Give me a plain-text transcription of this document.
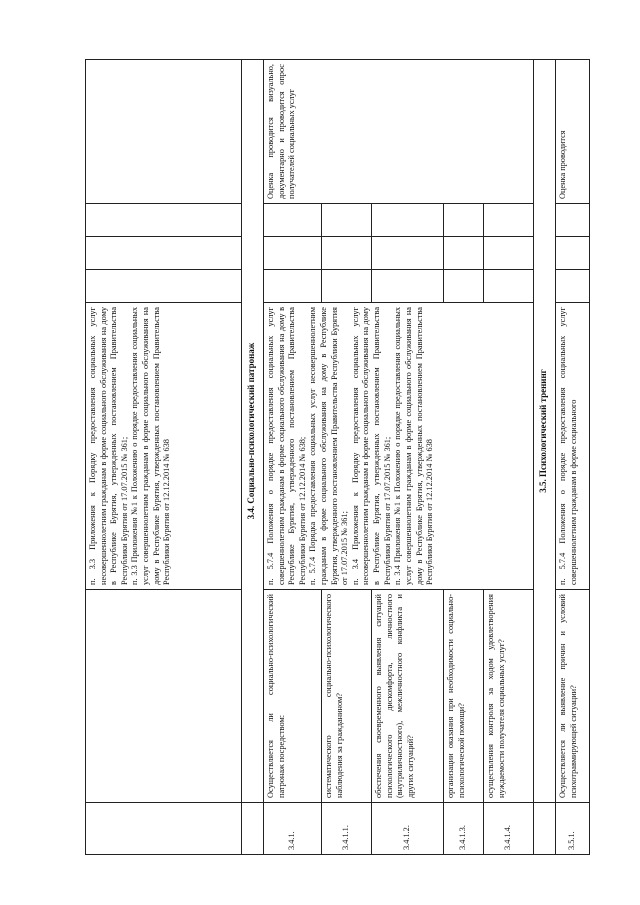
		п. 3.3 Приложения к Порядку предоставления социальных услуг несовершеннолетним гражданам в форме социального обслуживания на дому в Республике Бурятия, утвержденных постановлением Правительства Республики Бурятия от 17.07.2015 № 361; п. 3.3 Приложения №1 к Положению о порядке предоставления социальных услуг совершеннолетним гражданам в форме социального обслуживания на дому в Республике Бурятия, утвержденных постановлением Правительства Республики Бурятия от 12.12.2014 № 638				

	3.4. Социально-психологический патронаж					
3.4.1.	Осуществляется ли социально-психологический патронаж посредством:	п. 5.7.4 Положения о порядке предоставления социальных услуг совершеннолетним гражданам в форме социального обслуживания на дому в Республике Бурятия, утвержденного постановлением Правительства Республики Бурятия от 12.12.2014 № 638; п. 5.7.4 Порядка предоставления социальных услуг несовершеннолетним гражданам в форме социального обслуживания на дому в Республике Бурятия, утвержденного постановлением Правительства Республики Бурятия от 17.07.2015 № 361; п. 3.4 Приложения к Порядку предоставления социальных услуг несовершеннолетним гражданам в форме социального обслуживания на дому в Республике Бурятия, утвержденных постановлением Правительства Республики Бурятия от 17.07.2015 № 361; п. 3.4 Приложения №1 к Положению о порядке предоставления социальных услуг совершеннолетним гражданам в форме социального обслуживания на дому в Республике Бурятия, утвержденных постановлением Правительства Республики Бурятия от 12.12.2014 № 638				Оценка проводится визуально, документарно и проводится опрос получателей социальных услуг
3.4.1.1.	систематического социально-психологического наблюдения за гражданином?					
3.4.1.2.	обеспечения своевременного выявления ситуаций психологического дискомфорта, личностного (внутриличностного), межличностного конфликта и других ситуаций?					
3.4.1.3.	организации оказания при необходимости социально-психологической помощи?					
3.4.1.4.	осуществления контроля за ходом удовлетворения нуждаемости получателя социальных услуг?					
	3.5. Психологический тренинг					
3.5.1.	Осуществляется ли выявление причин и условий психотравмирующей ситуации?	п. 5.7.4 Положения о порядке предоставления социальных услуг совершеннолетним гражданам в форме социального				Оценка проводится
